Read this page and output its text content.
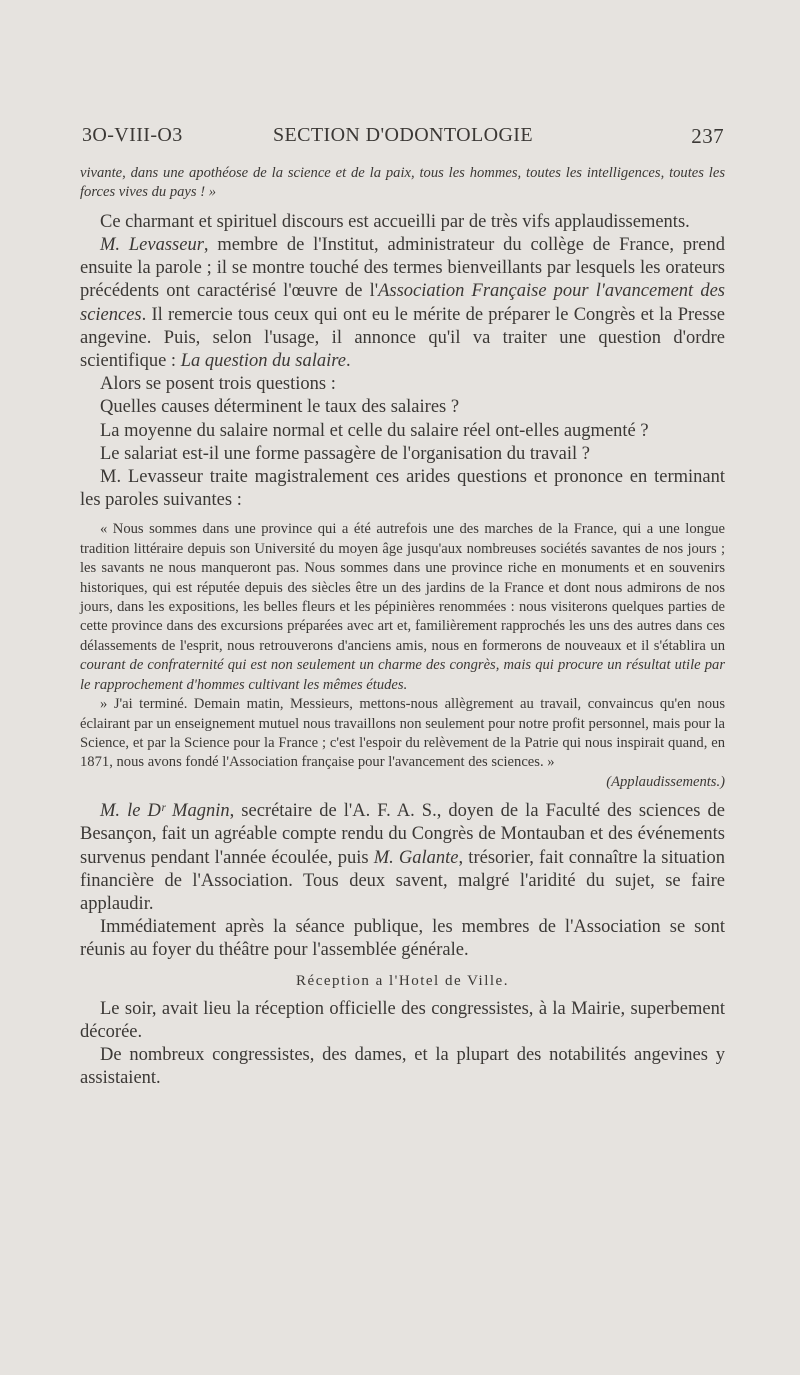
3O-VIII-O3	SECTION D'ODONTOLOGIE	237

vivante, dans une apothéose de la science et de la paix, tous les hommes, toutes les intelligences, toutes les forces vives du pays ! »

Ce charmant et spirituel discours est accueilli par de très vifs applaudissements.

M. Levasseur, membre de l'Institut, administrateur du collège de France, prend ensuite la parole ; il se montre touché des termes bienveillants par lesquels les orateurs précédents ont caractérisé l'œuvre de l'Association Française pour l'avancement des sciences. Il remercie tous ceux qui ont eu le mérite de préparer le Congrès et la Presse angevine. Puis, selon l'usage, il annonce qu'il va traiter une question d'ordre scientifique : La question du salaire.

Alors se posent trois questions :

Quelles causes déterminent le taux des salaires ?

La moyenne du salaire normal et celle du salaire réel ont-elles augmenté ?

Le salariat est-il une forme passagère de l'organisation du travail ?

M. Levasseur traite magistralement ces arides questions et prononce en terminant les paroles suivantes :

« Nous sommes dans une province qui a été autrefois une des marches de la France, qui a une longue tradition littéraire depuis son Université du moyen âge jusqu'aux nombreuses sociétés savantes de nos jours ; les savants ne nous manqueront pas. Nous sommes dans une province riche en monuments et en souvenirs historiques, qui est réputée depuis des siècles être un des jardins de la France et dont nous admirons de nos jours, dans les expositions, les belles fleurs et les pépinières renommées : nous visiterons quelques parties de cette province dans des excursions préparées avec art et, familièrement rapprochés les uns des autres dans ces délassements de l'esprit, nous retrouverons d'anciens amis, nous en formerons de nouveaux et il s'établira un courant de confraternité qui est non seulement un charme des congrès, mais qui procure un résultat utile par le rapprochement d'hommes cultivant les mêmes études.

» J'ai terminé. Demain matin, Messieurs, mettons-nous allègrement au travail, convaincus qu'en nous éclairant par un enseignement mutuel nous travaillons non seulement pour notre profit personnel, mais pour la Science, et par la Science pour la France ; c'est l'espoir du relèvement de la Patrie qui nous inspirait quand, en 1871, nous avons fondé l'Association française pour l'avancement des sciences. »

(Applaudissements.)

M. le Dʳ Magnin, secrétaire de l'A. F. A. S., doyen de la Faculté des sciences de Besançon, fait un agréable compte rendu du Congrès de Montauban et des événements survenus pendant l'année écoulée, puis M. Galante, trésorier, fait connaître la situation financière de l'Association. Tous deux savent, malgré l'aridité du sujet, se faire applaudir.

Immédiatement après la séance publique, les membres de l'Association se sont réunis au foyer du théâtre pour l'assemblée générale.

Réception a l'Hotel de Ville.

Le soir, avait lieu la réception officielle des congressistes, à la Mairie, superbement décorée.

De nombreux congressistes, des dames, et la plupart des notabilités angevines y assistaient.
